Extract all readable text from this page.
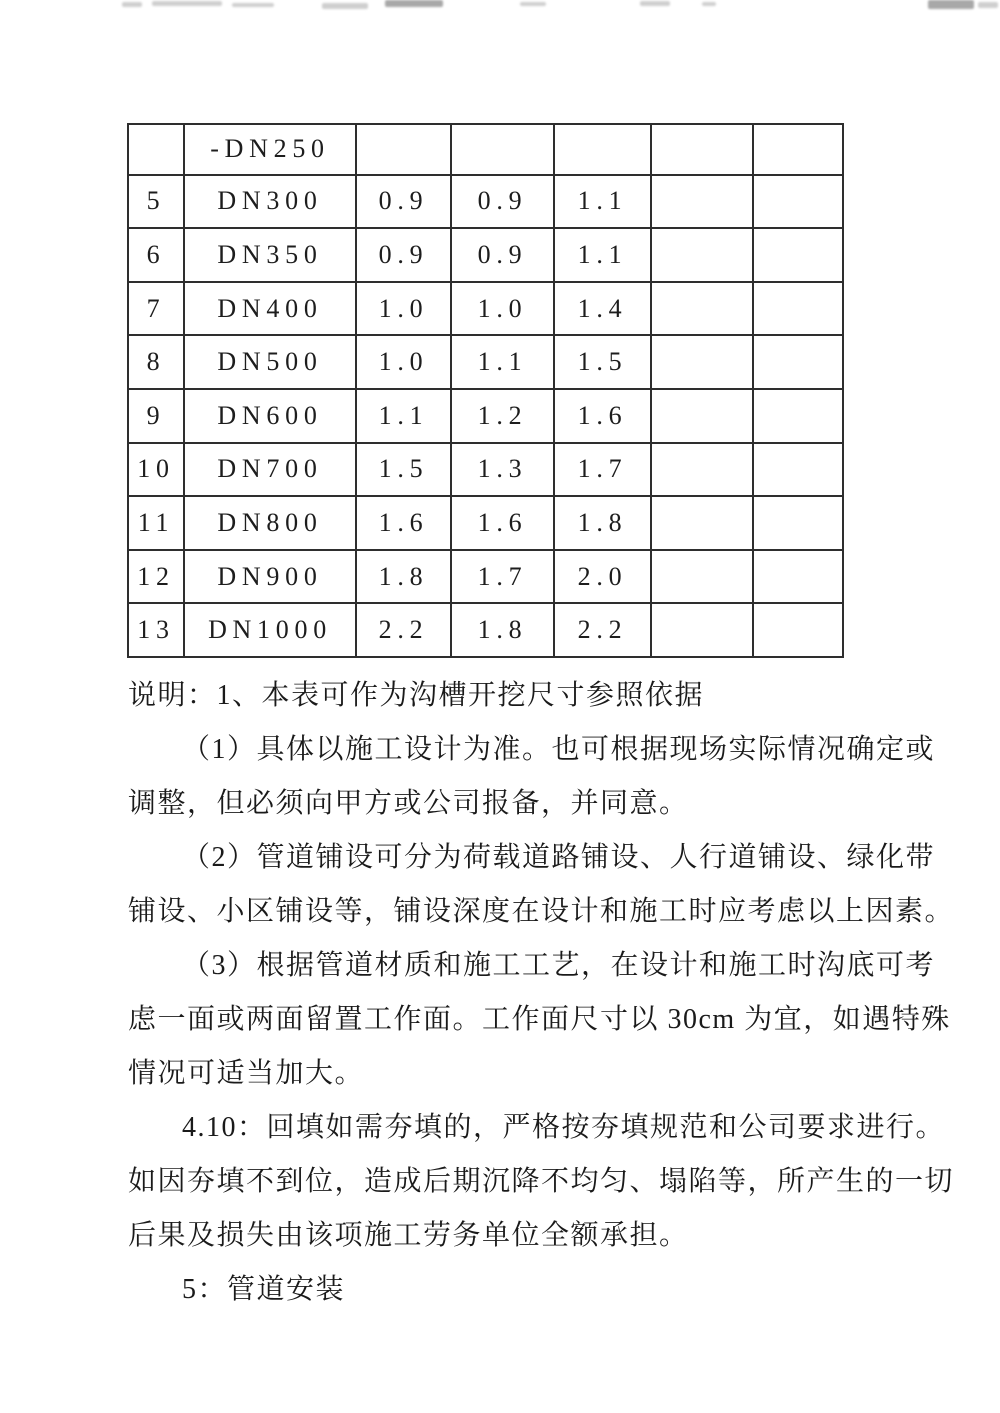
	-DN250					
5	DN300	0.9	0.9	1.1		
6	DN350	0.9	0.9	1.1		
7	DN400	1.0	1.0	1.4		
8	DN500	1.0	1.1	1.5		
9	DN600	1.1	1.2	1.6		
10	DN700	1.5	1.3	1.7		
11	DN800	1.6	1.6	1.8		
12	DN900	1.8	1.7	2.0		
13	DN1000	2.2	1.8	2.2		
说明：1、本表可作为沟槽开挖尺寸参照依据
（1）具体以施工设计为准。也可根据现场实际情况确定或
调整，但必须向甲方或公司报备，并同意。
（2）管道铺设可分为荷载道路铺设、人行道铺设、绿化带
铺设、小区铺设等，铺设深度在设计和施工时应考虑以上因素。
（3）根据管道材质和施工工艺，在设计和施工时沟底可考
虑一面或两面留置工作面。工作面尺寸以 30cm 为宜，如遇特殊
情况可适当加大。
4.10：回填如需夯填的，严格按夯填规范和公司要求进行。
如因夯填不到位，造成后期沉降不均匀、塌陷等，所产生的一切
后果及损失由该项施工劳务单位全额承担。
5：管道安装
